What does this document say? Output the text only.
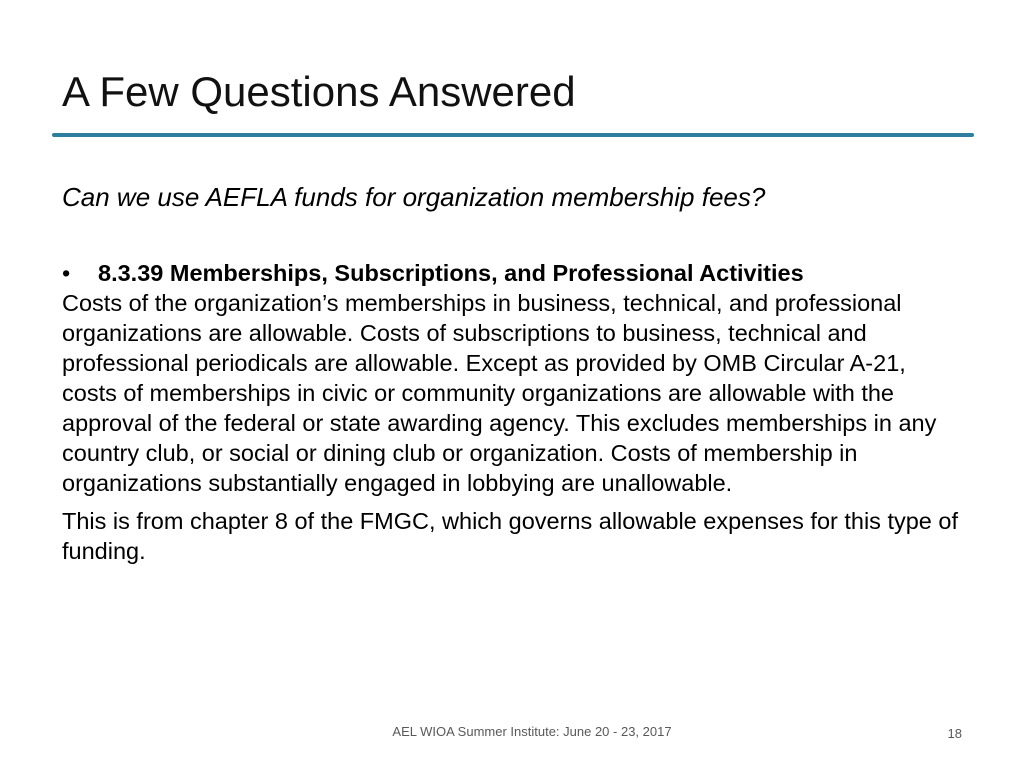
A Few Questions Answered
Can we use AEFLA funds for organization membership fees?
•	8.3.39 Memberships, Subscriptions, and Professional Activities

Costs of the organization’s memberships in business, technical, and professional organizations are allowable. Costs of subscriptions to business, technical and professional periodicals are allowable. Except as provided by OMB Circular A-21, costs of memberships in civic or community organizations are allowable with the approval of the federal or state awarding agency. This excludes memberships in any country club, or social or dining club or organization. Costs of membership in organizations substantially engaged in lobbying are unallowable.

This is from chapter 8 of the FMGC, which governs allowable expenses for this type of funding.

AEL WIOA Summer Institute: June 20 - 23, 2017	18
